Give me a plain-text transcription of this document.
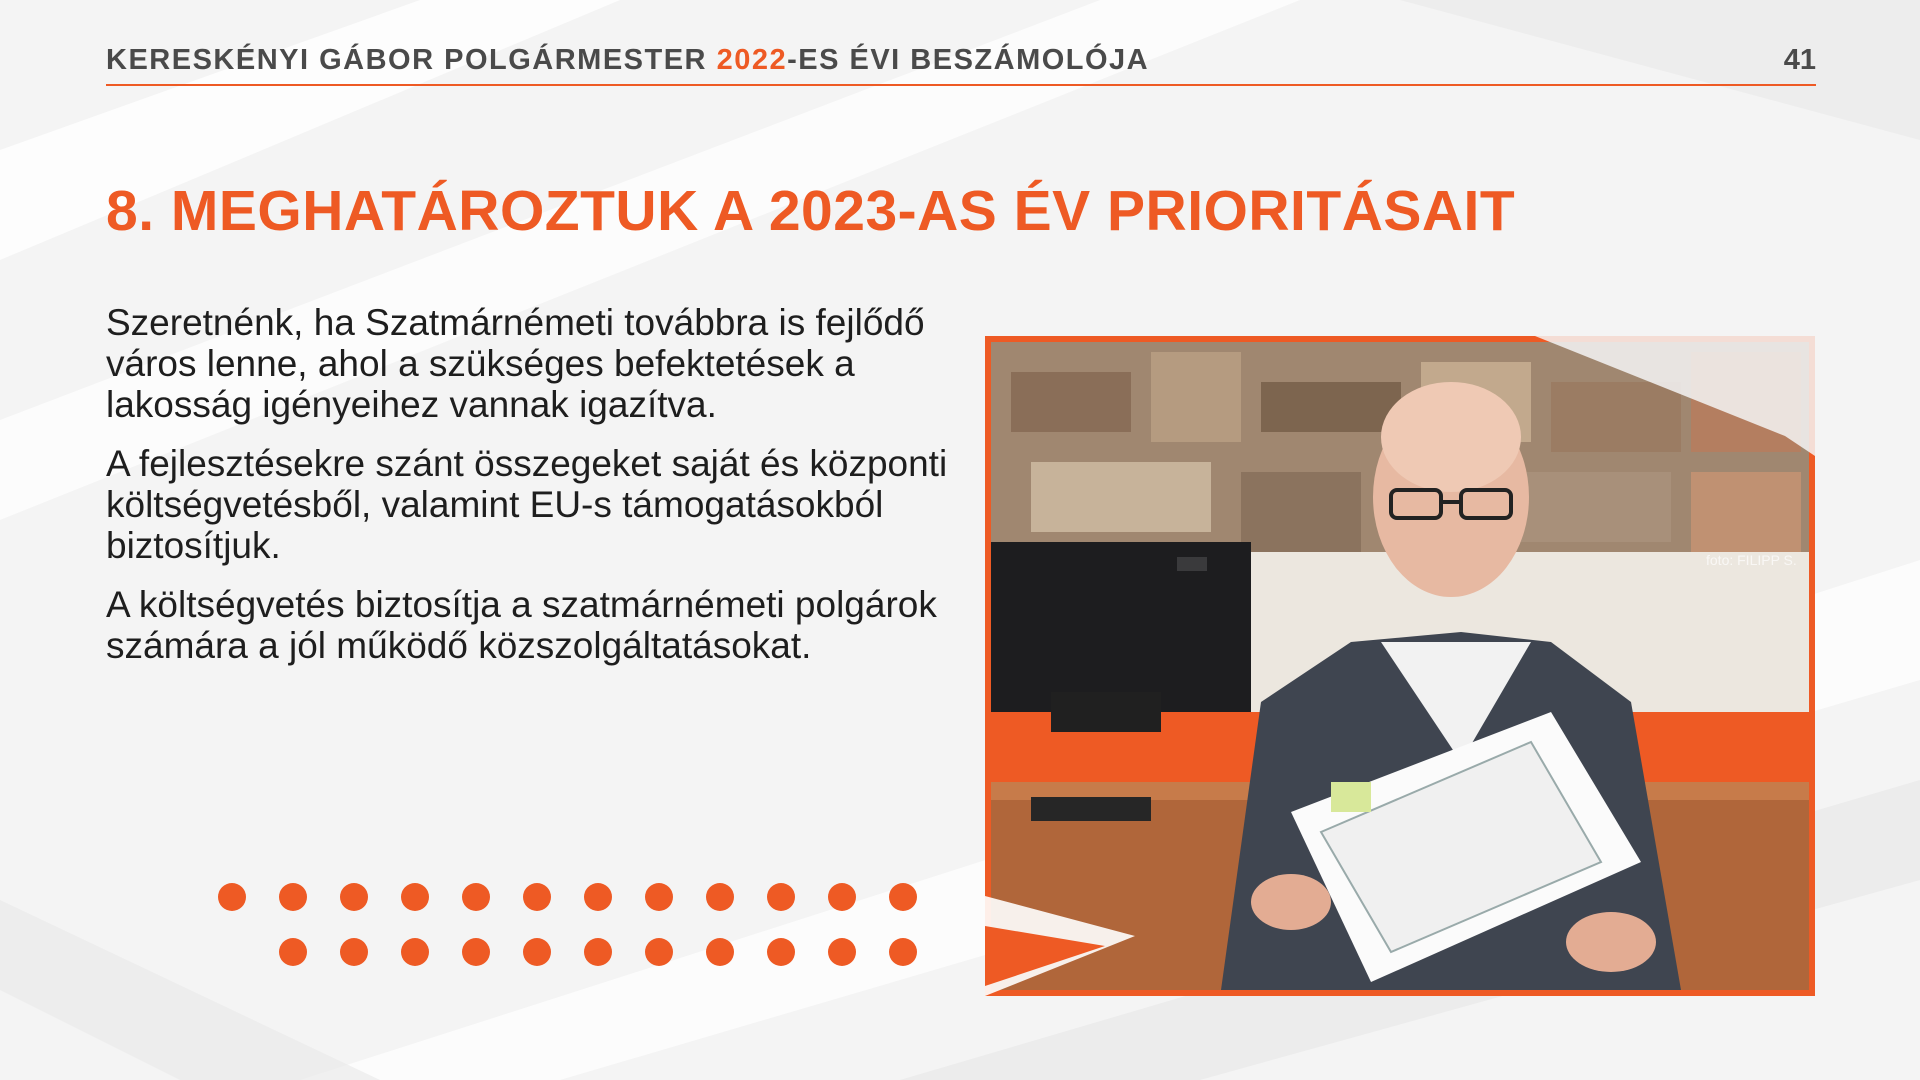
KERESKÉNYI GÁBOR POLGÁRMESTER 2022-ES ÉVI BESZÁMOLÓJA	41
8. MEGHATÁROZTUK A 2023-AS ÉV PRIORITÁSAIT

Szeretnénk, ha Szatmárnémeti továbbra is fejlődő város lenne, ahol a szükséges befektetések a lakosság igényeihez vannak igazítva.

A fejlesztésekre szánt összegeket saját és központi költségvetésből, valamint EU-s támogatásokból biztosítjuk.

A költségvetés biztosítja a szatmárnémeti polgárok számára a jól működő közszolgáltatásokat.

foto: FILIPP S.
